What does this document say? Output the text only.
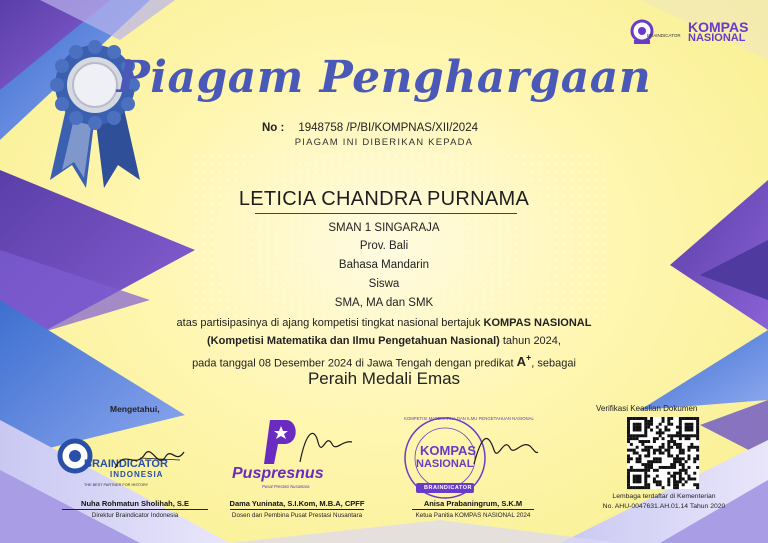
BRAINDICATOR
KOMPAS
NASIONAL
Piagam Penghargaan
No : 1948758 /P/BI/KOMPNAS/XII/2024
PIAGAM INI DIBERIKAN KEPADA
LETICIA CHANDRA PURNAMA
SMAN 1 SINGARAJA
Prov. Bali
Bahasa Mandarin
Siswa
SMA, MA dan SMK
atas partisipasinya di ajang kompetisi tingkat nasional bertajuk KOMPAS NASIONAL
(Kompetisi Matematika dan Ilmu Pengetahuan Nasional) tahun 2024,
pada tanggal 08 Desember 2024 di Jawa Tengah dengan predikat A+, sebagai
Peraih Medali Emas
Mengetahui,	Verifikasi Keaslian Dokumen
BRAINDICATOR
INDONESIA
THE BEST PARTNER FOR HISTORY
Nuha Rohmatun Sholihah, S.E
Direktur Braindicator Indonesia
Puspresnus
Pusat Prestasi Nusantara
Dama Yuninata, S.I.Kom, M.B.A, CPFF
Dosen dan Pembina Pusat Prestasi Nusantara
KOMPETISI MATEMATIKA DAN ILMU PENGETAHUAN NASIONAL
KOMPAS
NASIONAL
BRAINDICATOR
Anisa Prabaningrum, S.K.M
Ketua Panitia KOMPAS NASIONAL 2024
Lembaga terdaftar di Kementerian
No. AHU-0047631.AH.01.14 Tahun 2020
